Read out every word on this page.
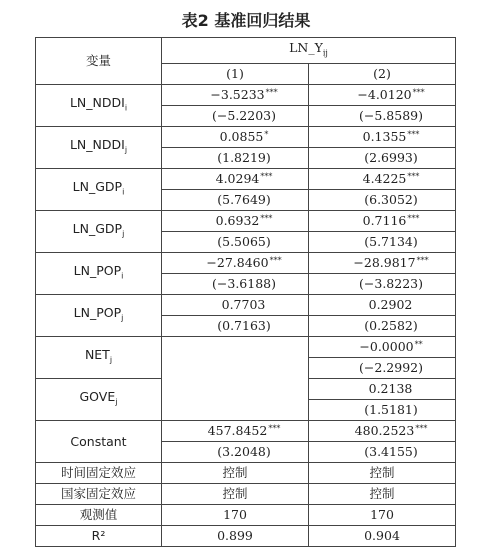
表2 基准回归结果
变量	$LN\_Y_{ij}$
	(1)	(2)
$LN\_NDDI_i$	−3.5233***	−4.0120***
	(−5.2203)	(−5.8589)
$LN\_NDDI_j$	0.0855*	0.1355***
	(1.8219)	(2.6993)
$LN\_GDP_i$	4.0294***	4.4225***
	(5.7649)	(6.3052)
$LN\_GDP_j$	0.6932***	0.7116***
	(5.5065)	(5.7134)
$LN\_POP_i$	−27.8460***	−28.9817***
	(−3.6188)	(−3.8223)
$LN\_POP_j$	0.7703	0.2902
	(0.7163)	(0.2582)
$NET_j$		−0.0000**
		(−2.2992)
$GOVE_j$		0.2138
		(1.5181)
Constant	457.8452***	480.2523***
	(3.2048)	(3.4155)
时间固定效应	控制	控制
国家固定效应	控制	控制
观测值	170	170
R²	0.899	0.904
